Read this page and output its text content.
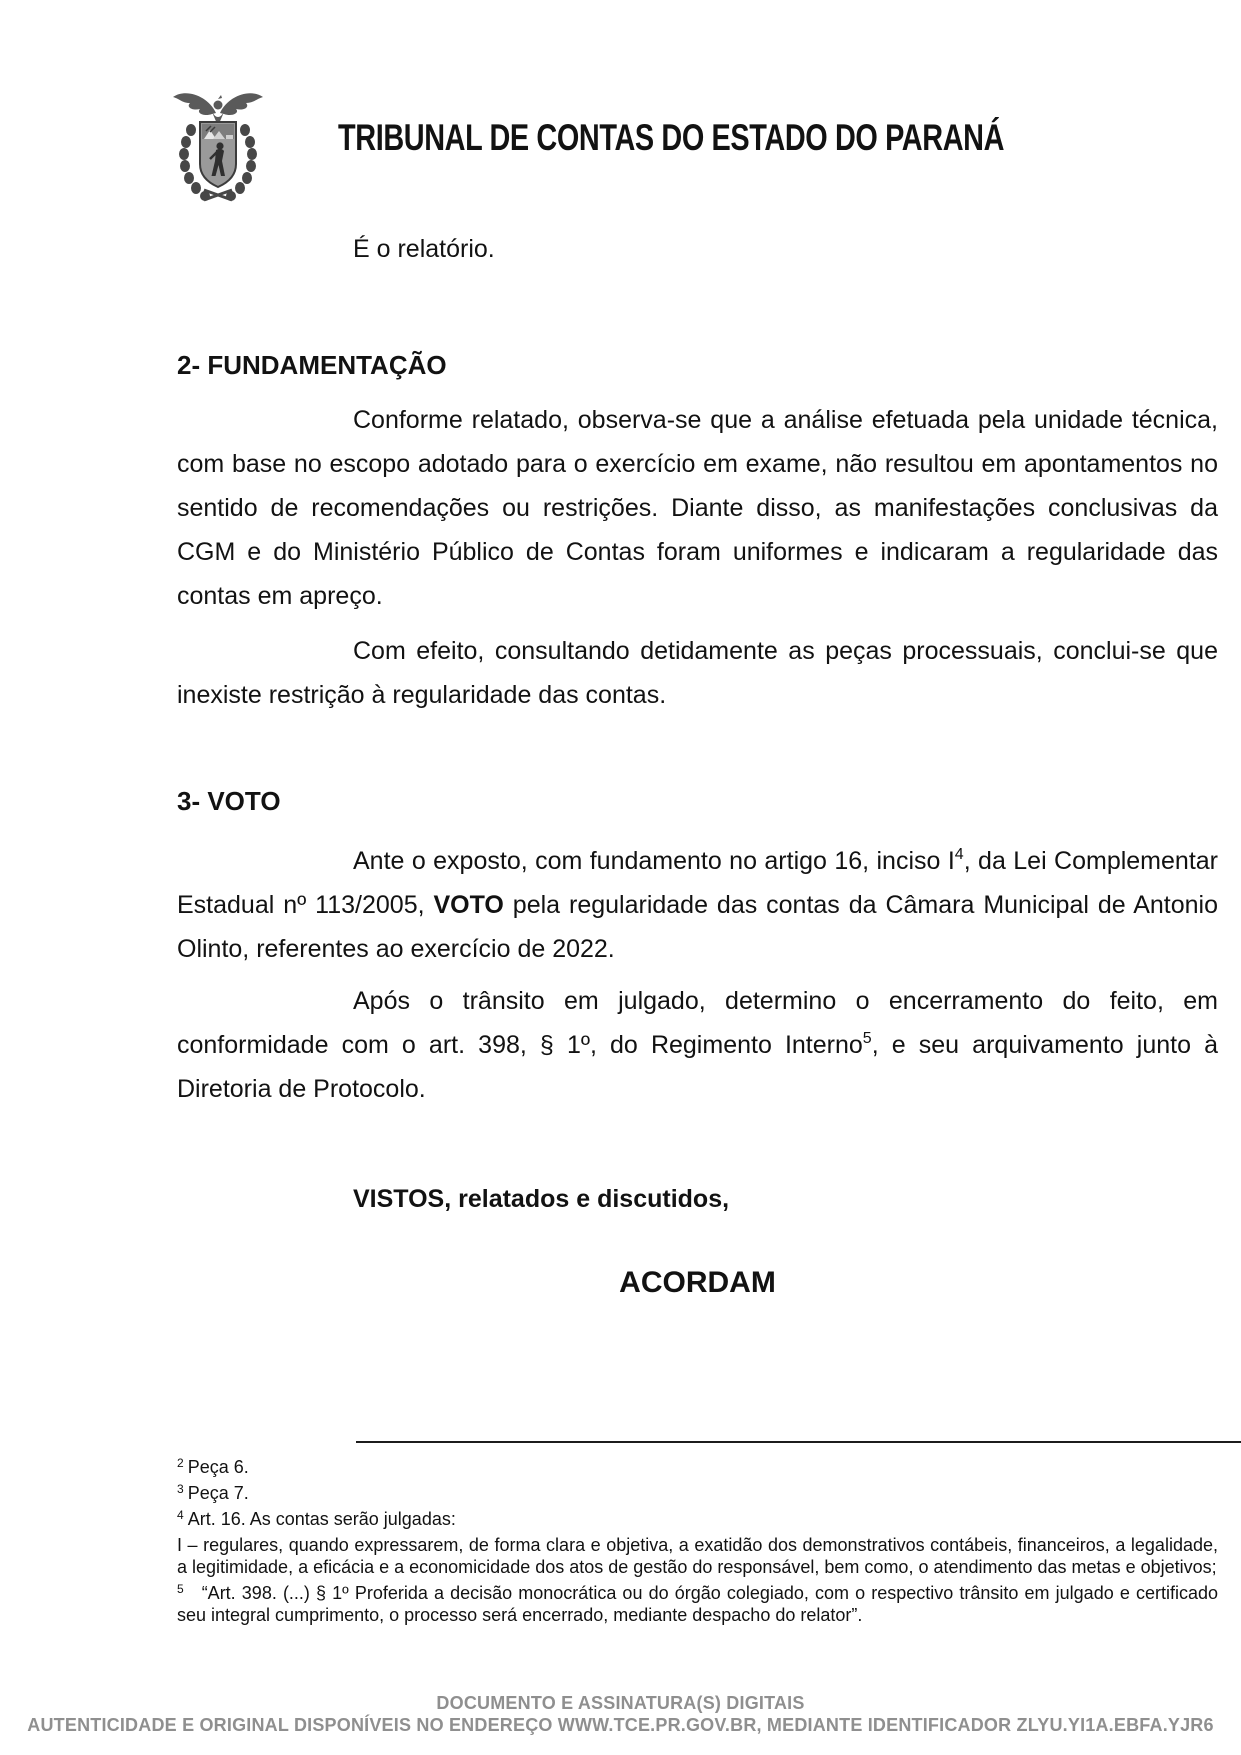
TRIBUNAL DE CONTAS DO ESTADO DO PARANÁ
É o relatório.
2- FUNDAMENTAÇÃO

Conforme relatado, observa-se que a análise efetuada pela unidade técnica, com base no escopo adotado para o exercício em exame, não resultou em apontamentos no sentido de recomendações ou restrições. Diante disso, as manifestações conclusivas da CGM e do Ministério Público de Contas foram uniformes e indicaram a regularidade das contas em apreço.

Com efeito, consultando detidamente as peças processuais, conclui-se que inexiste restrição à regularidade das contas.

3- VOTO

Ante o exposto, com fundamento no artigo 16, inciso I$^4$, da Lei Complementar Estadual nº 113/2005, VOTO pela regularidade das contas da Câmara Municipal de Antonio Olinto, referentes ao exercício de 2022.

Após o trânsito em julgado, determino o encerramento do feito, em conformidade com o art. 398, § 1º, do Regimento Interno$^5$, e seu arquivamento junto à Diretoria de Protocolo.

VISTOS, relatados e discutidos,
ACORDAM

$^2$ Peça 6.

$^3$ Peça 7.

$^4$ Art. 16. As contas serão julgadas:

I – regulares, quando expressarem, de forma clara e objetiva, a exatidão dos demonstrativos contábeis, financeiros, a legalidade, a legitimidade, a eficácia e a economicidade dos atos de gestão do responsável, bem como, o atendimento das metas e objetivos;

$^5$ “Art. 398. (...) § 1º Proferida a decisão monocrática ou do órgão colegiado, com o respectivo trânsito em julgado e certificado seu integral cumprimento, o processo será encerrado, mediante despacho do relator”.

DOCUMENTO E ASSINATURA(S) DIGITAIS
AUTENTICIDADE E ORIGINAL DISPONÍVEIS NO ENDEREÇO WWW.TCE.PR.GOV.BR, MEDIANTE IDENTIFICADOR ZLYU.YI1A.EBFA.YJR6
